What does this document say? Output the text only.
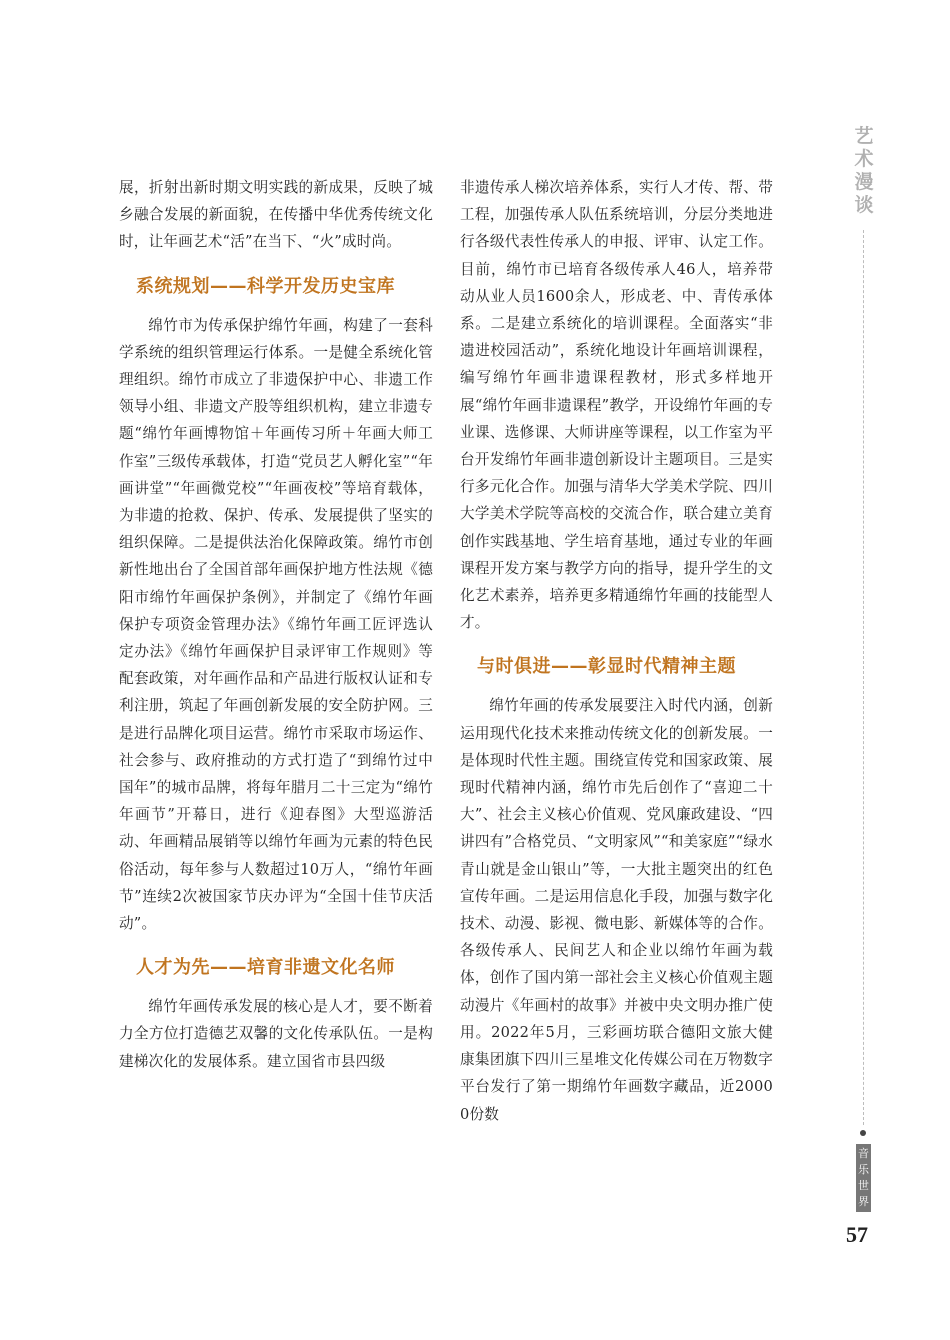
展，折射出新时期文明实践的新成果，反映了城乡融合发展的新面貌，在传播中华优秀传统文化时，让年画艺术“活”在当下、“火”成时尚。

系统规划——科学开发历史宝库

绵竹市为传承保护绵竹年画，构建了一套科学系统的组织管理运行体系。一是健全系统化管理组织。绵竹市成立了非遗保护中心、非遗工作领导小组、非遗文产股等组织机构，建立非遗专题“绵竹年画博物馆＋年画传习所＋年画大师工作室”三级传承载体，打造“党员艺人孵化室”“年画讲堂”“年画微党校”“年画夜校”等培育载体，为非遗的抢救、保护、传承、发展提供了坚实的组织保障。二是提供法治化保障政策。绵竹市创新性地出台了全国首部年画保护地方性法规《德阳市绵竹年画保护条例》，并制定了《绵竹年画保护专项资金管理办法》《绵竹年画工匠评选认定办法》《绵竹年画保护目录评审工作规则》等配套政策，对年画作品和产品进行版权认证和专利注册，筑起了年画创新发展的安全防护网。三是进行品牌化项目运营。绵竹市采取市场运作、社会参与、政府推动的方式打造了“到绵竹过中国年”的城市品牌，将每年腊月二十三定为“绵竹年画节”开幕日，进行《迎春图》大型巡游活动、年画精品展销等以绵竹年画为元素的特色民俗活动，每年参与人数超过10万人，“绵竹年画节”连续2次被国家节庆办评为“全国十佳节庆活动”。

人才为先——培育非遗文化名师

绵竹年画传承发展的核心是人才，要不断着力全方位打造德艺双馨的文化传承队伍。一是构建梯次化的发展体系。建立国省市县四级

非遗传承人梯次培养体系，实行人才传、帮、带工程，加强传承人队伍系统培训，分层分类地进行各级代表性传承人的申报、评审、认定工作。目前，绵竹市已培育各级传承人46人，培养带动从业人员1600余人，形成老、中、青传承体系。二是建立系统化的培训课程。全面落实“非遗进校园活动”，系统化地设计年画培训课程，编写绵竹年画非遗课程教材，形式多样地开展“绵竹年画非遗课程”教学，开设绵竹年画的专业课、选修课、大师讲座等课程，以工作室为平台开发绵竹年画非遗创新设计主题项目。三是实行多元化合作。加强与清华大学美术学院、四川大学美术学院等高校的交流合作，联合建立美育创作实践基地、学生培育基地，通过专业的年画课程开发方案与教学方向的指导，提升学生的文化艺术素养，培养更多精通绵竹年画的技能型人才。

与时俱进——彰显时代精神主题

绵竹年画的传承发展要注入时代内涵，创新运用现代化技术来推动传统文化的创新发展。一是体现时代性主题。围绕宣传党和国家政策、展现时代精神内涵，绵竹市先后创作了“喜迎二十大”、社会主义核心价值观、党风廉政建设、“四讲四有”合格党员、“文明家风”“和美家庭”“绿水青山就是金山银山”等，一大批主题突出的红色宣传年画。二是运用信息化手段，加强与数字化技术、动漫、影视、微电影、新媒体等的合作。各级传承人、民间艺人和企业以绵竹年画为载体，创作了国内第一部社会主义核心价值观主题动漫片《年画村的故事》并被中央文明办推广使用。2022年5月，三彩画坊联合德阳文旅大健康集团旗下四川三星堆文化传媒公司在万物数字平台发行了第一期绵竹年画数字藏品，近20000份数

艺
术
漫
谈
音
乐
世
界
57
